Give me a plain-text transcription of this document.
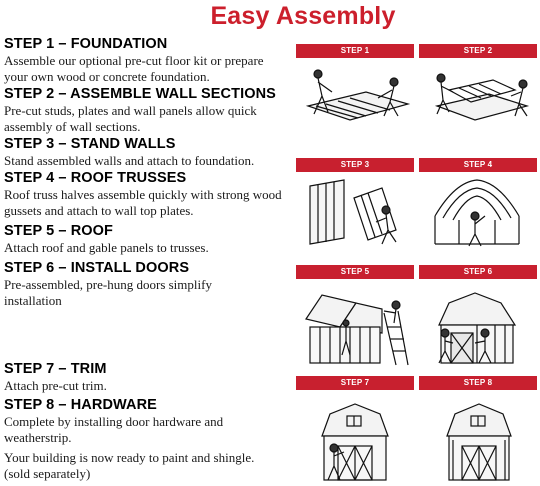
Easy Assembly
STEP 1 – FOUNDATION
Assemble our optional pre-cut floor kit or prepare your own wood or concrete foundation.
STEP 2 – ASSEMBLE WALL SECTIONS
Pre-cut studs, plates and wall panels allow quick assembly of wall sections.
STEP 3 – STAND WALLS
Stand assembled walls and attach to foundation.
STEP 4 – ROOF TRUSSES
Roof truss halves assemble quickly with strong wood gussets and attach to wall top plates.
STEP 5 – ROOF
Attach roof and gable panels to trusses.
STEP 6 – INSTALL DOORS
Pre-assembled, pre-hung doors simplify installation
STEP 7 – TRIM
Attach pre-cut trim.
STEP 8 – HARDWARE
Complete by installing door hardware and weatherstrip.
Your building is now ready to paint and shingle.
(sold separately)
STEP 1	STEP 2
STEP 3	STEP 4
STEP 5	STEP 6
STEP 7	STEP 8
